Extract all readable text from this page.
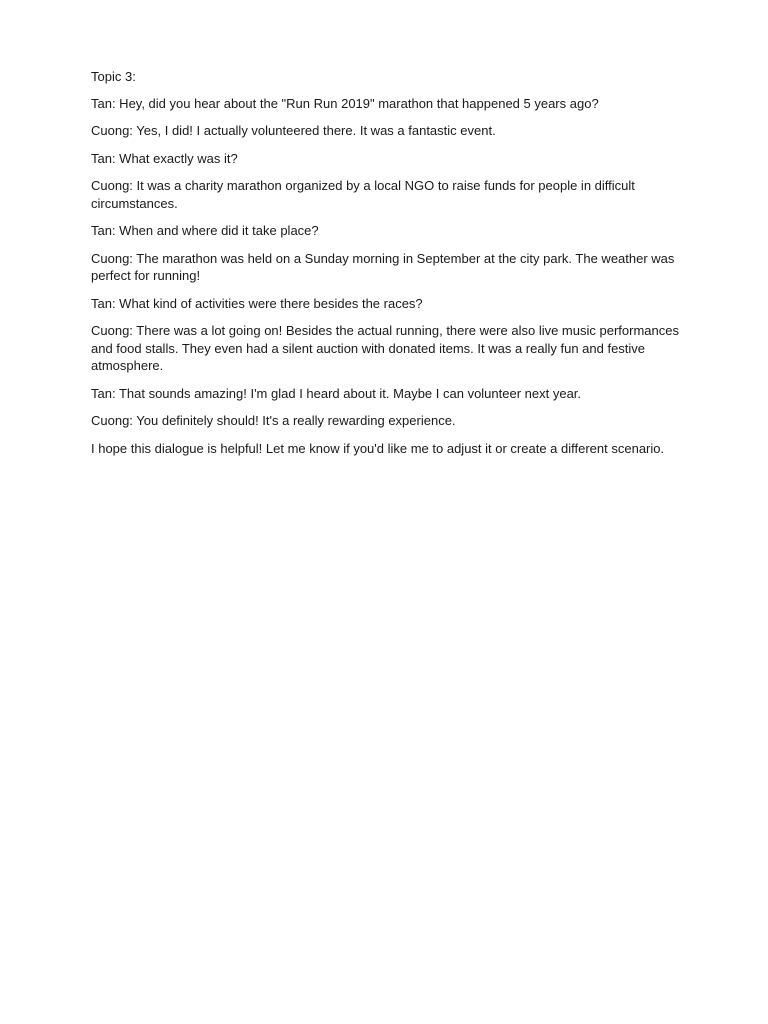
Topic 3:

Tan: Hey, did you hear about the "Run Run 2019" marathon that happened 5 years ago?

Cuong: Yes, I did! I actually volunteered there. It was a fantastic event.

Tan: What exactly was it?

Cuong: It was a charity marathon organized by a local NGO to raise funds for people in difficult circumstances.

Tan: When and where did it take place?

Cuong: The marathon was held on a Sunday morning in September at the city park. The weather was perfect for running!

Tan: What kind of activities were there besides the races?

Cuong: There was a lot going on! Besides the actual running, there were also live music performances and food stalls. They even had a silent auction with donated items. It was a really fun and festive atmosphere.

Tan: That sounds amazing! I'm glad I heard about it. Maybe I can volunteer next year.

Cuong: You definitely should! It's a really rewarding experience.

I hope this dialogue is helpful! Let me know if you'd like me to adjust it or create a different scenario.
